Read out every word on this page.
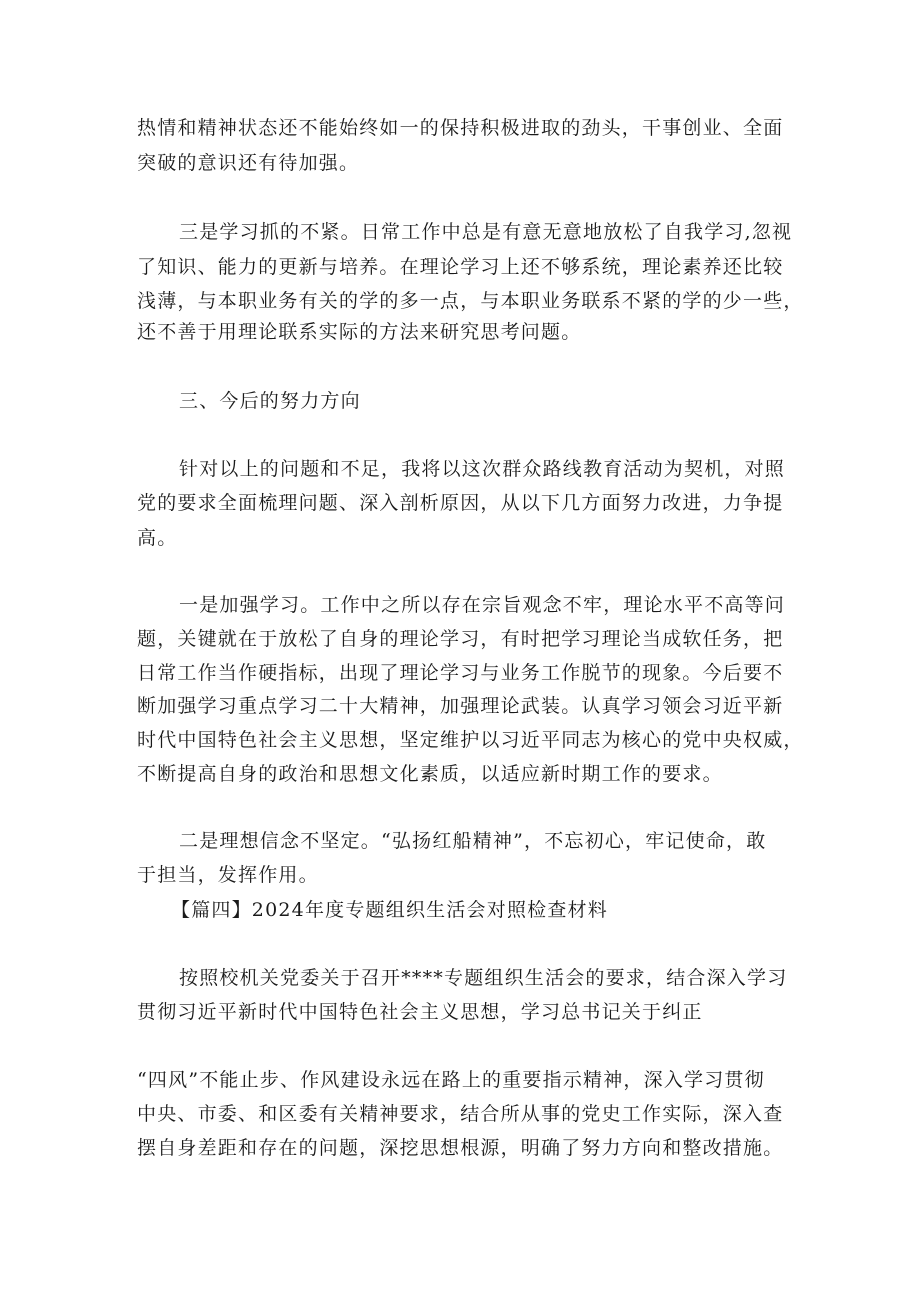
热情和精神状态还不能始终如一的保持积极进取的劲头，干事创业、全面
突破的意识还有待加强。
三是学习抓的不紧。日常工作中总是有意无意地放松了自我学习,忽视
了知识、能力的更新与培养。在理论学习上还不够系统，理论素养还比较
浅薄，与本职业务有关的学的多一点，与本职业务联系不紧的学的少一些，
还不善于用理论联系实际的方法来研究思考问题。
三、今后的努力方向
针对以上的问题和不足，我将以这次群众路线教育活动为契机，对照
党的要求全面梳理问题、深入剖析原因，从以下几方面努力改进，力争提
高。
一是加强学习。工作中之所以存在宗旨观念不牢，理论水平不高等问
题，关键就在于放松了自身的理论学习，有时把学习理论当成软任务，把
日常工作当作硬指标，出现了理论学习与业务工作脱节的现象。今后要不
断加强学习重点学习二十大精神，加强理论武装。认真学习领会习近平新
时代中国特色社会主义思想，坚定维护以习近平同志为核心的党中央权威，
不断提高自身的政治和思想文化素质，以适应新时期工作的要求。
二是理想信念不坚定。“弘扬红船精神”，不忘初心，牢记使命，敢
于担当，发挥作用。
【篇四】2024年度专题组织生活会对照检查材料
按照校机关党委关于召开****专题组织生活会的要求，结合深入学习
贯彻习近平新时代中国特色社会主义思想，学习总书记关于纠正
“四风”不能止步、作风建设永远在路上的重要指示精神，深入学习贯彻
中央、市委、和区委有关精神要求，结合所从事的党史工作实际，深入查
摆自身差距和存在的问题，深挖思想根源，明确了努力方向和整改措施。
